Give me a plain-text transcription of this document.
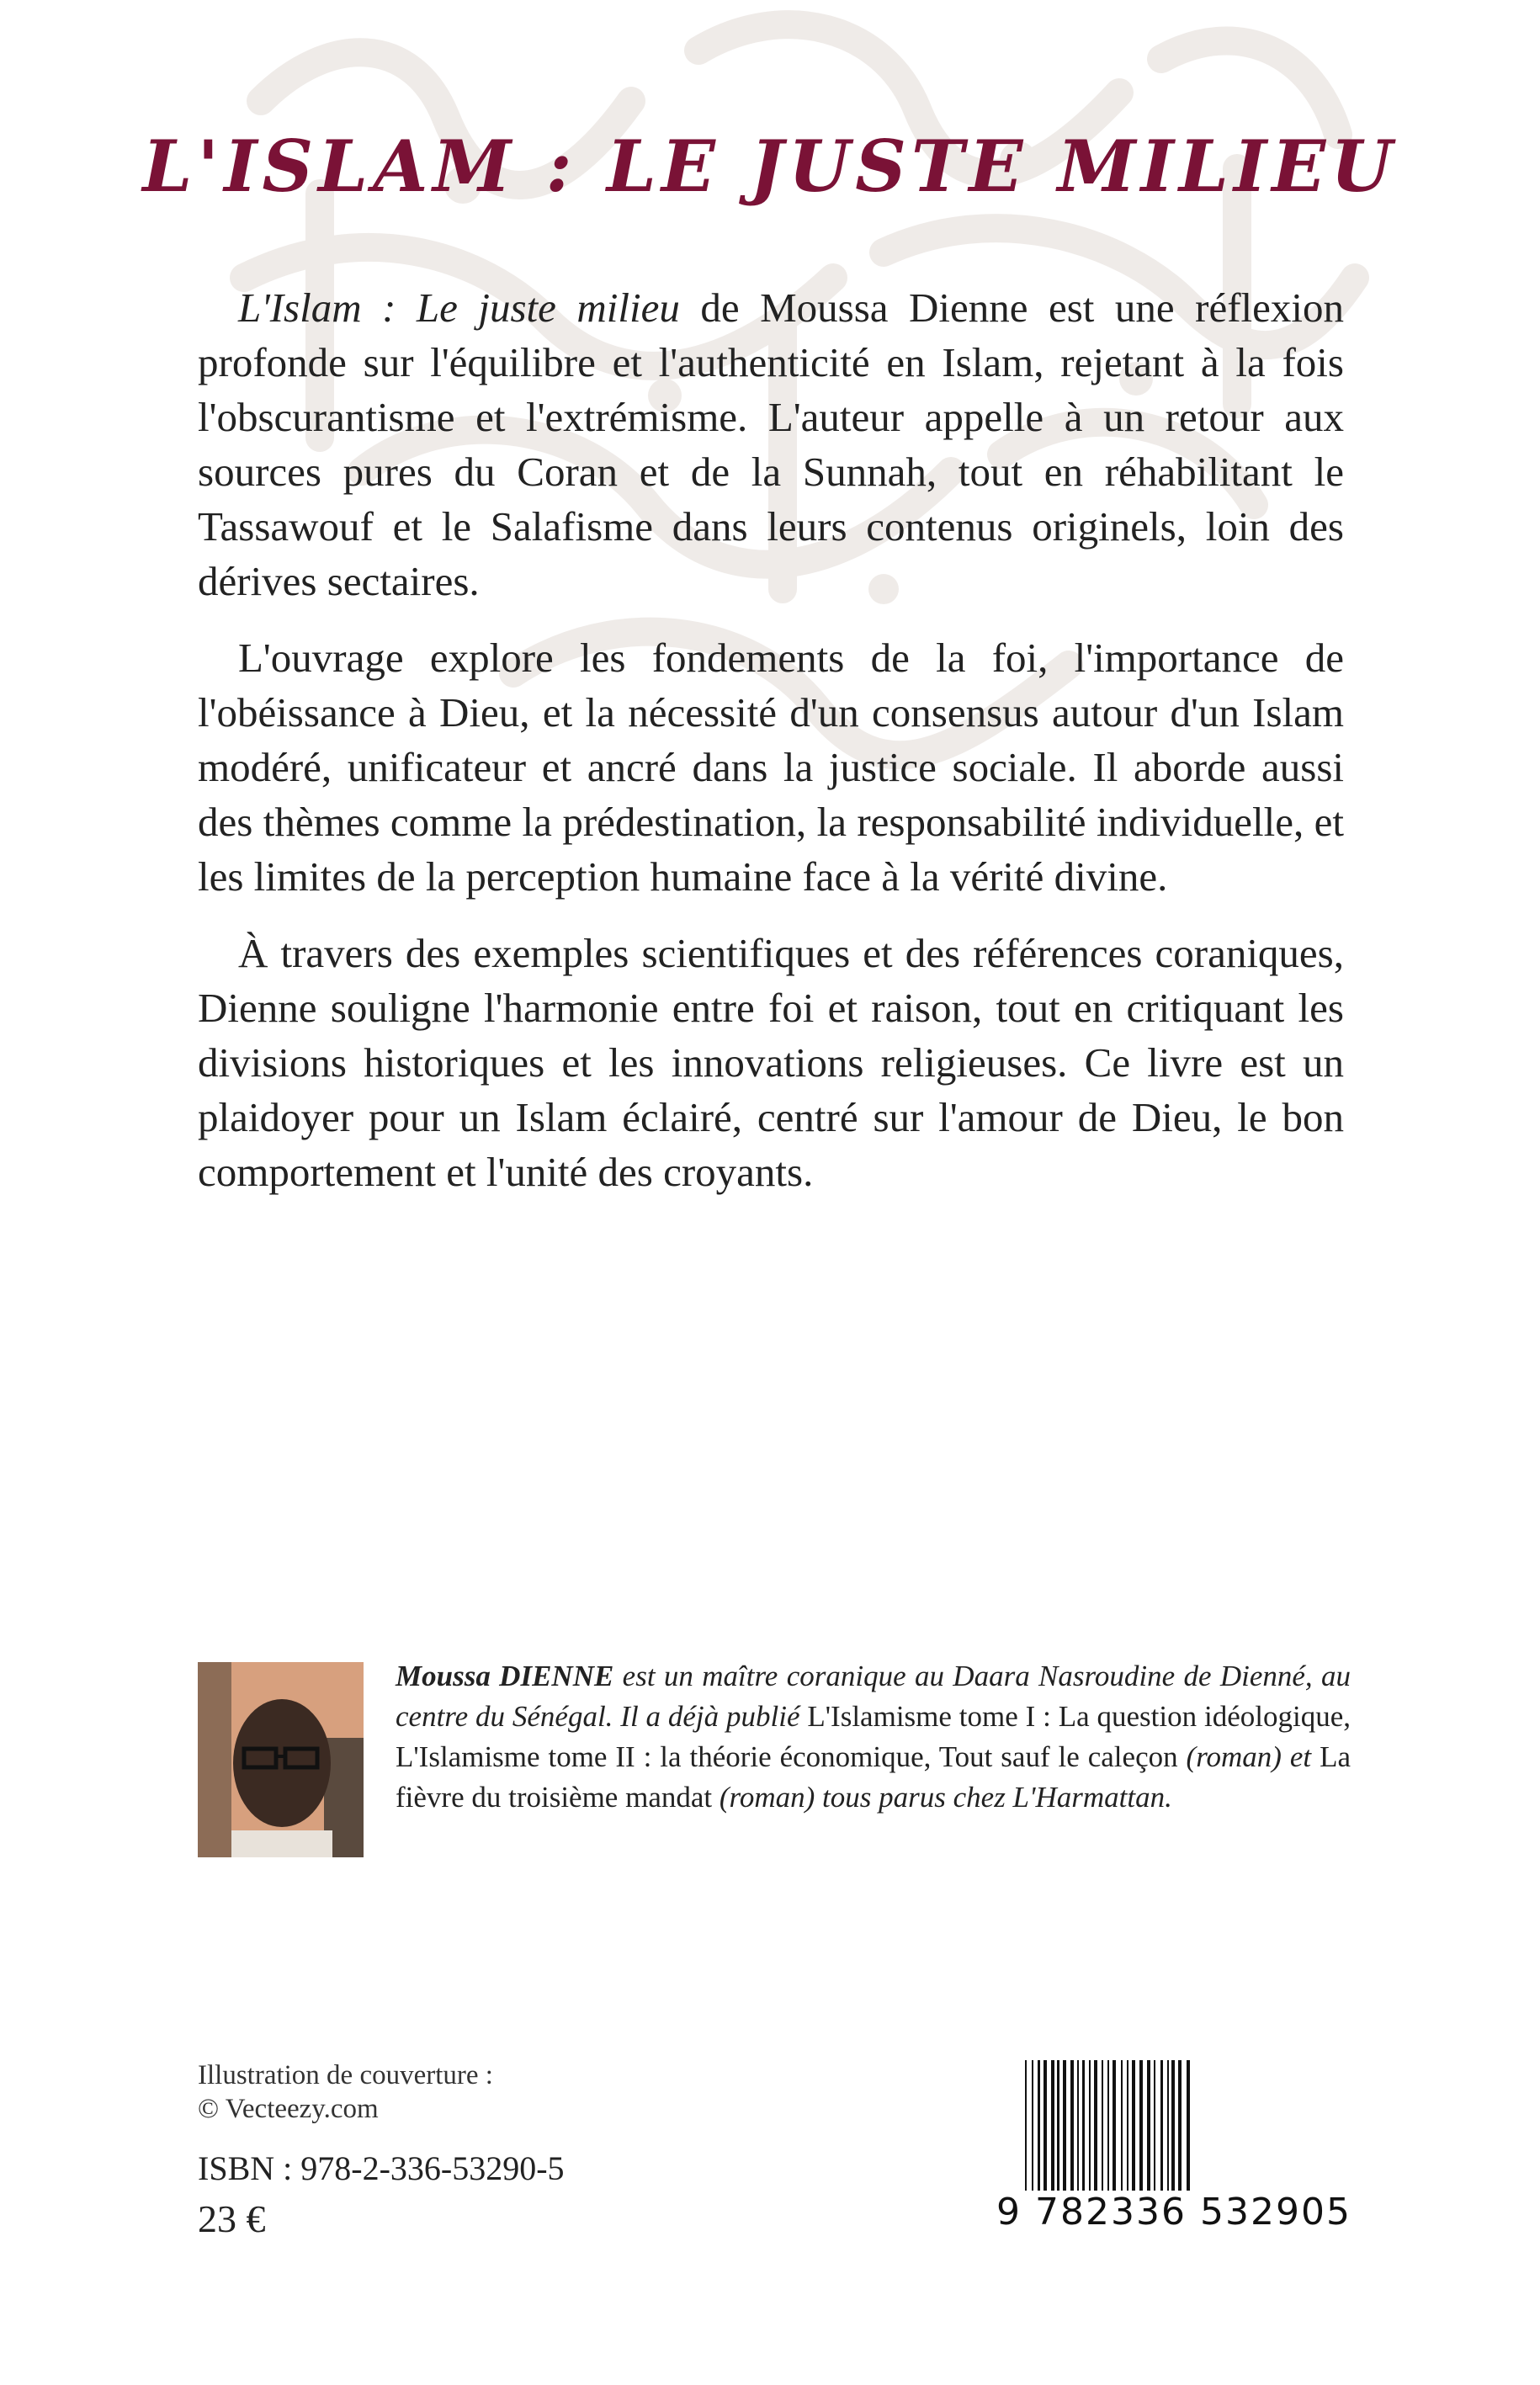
L'ISLAM : LE JUSTE MILIEU

L'Islam : Le juste milieu de Moussa Dienne est une réflexion profonde sur l'équilibre et l'authenticité en Islam, rejetant à la fois l'obscurantisme et l'extrémisme. L'auteur appelle à un retour aux sources pures du Coran et de la Sunnah, tout en réhabilitant le Tassawouf et le Salafisme dans leurs contenus originels, loin des dérives sectaires.

L'ouvrage explore les fondements de la foi, l'importance de l'obéissance à Dieu, et la nécessité d'un consensus autour d'un Islam modéré, unificateur et ancré dans la justice sociale. Il aborde aussi des thèmes comme la prédestination, la responsabilité individuelle, et les limites de la perception humaine face à la vérité divine.

À travers des exemples scientifiques et des références coraniques, Dienne souligne l'harmonie entre foi et raison, tout en critiquant les divisions historiques et les innovations religieuses. Ce livre est un plaidoyer pour un Islam éclairé, centré sur l'amour de Dieu, le bon comportement et l'unité des croyants.

Moussa DIENNE est un maître coranique au Daara Nasroudine de Dienné, au centre du Sénégal. Il a déjà publié L'Islamisme tome I : La question idéologique, L'Islamisme tome II : la théorie économique, Tout sauf le caleçon (roman) et La fièvre du troisième mandat (roman) tous parus chez L'Harmattan.
Illustration de couverture :
© Vecteezy.com
ISBN : 978-2-336-53290-5
23 €	9 782336 532905
